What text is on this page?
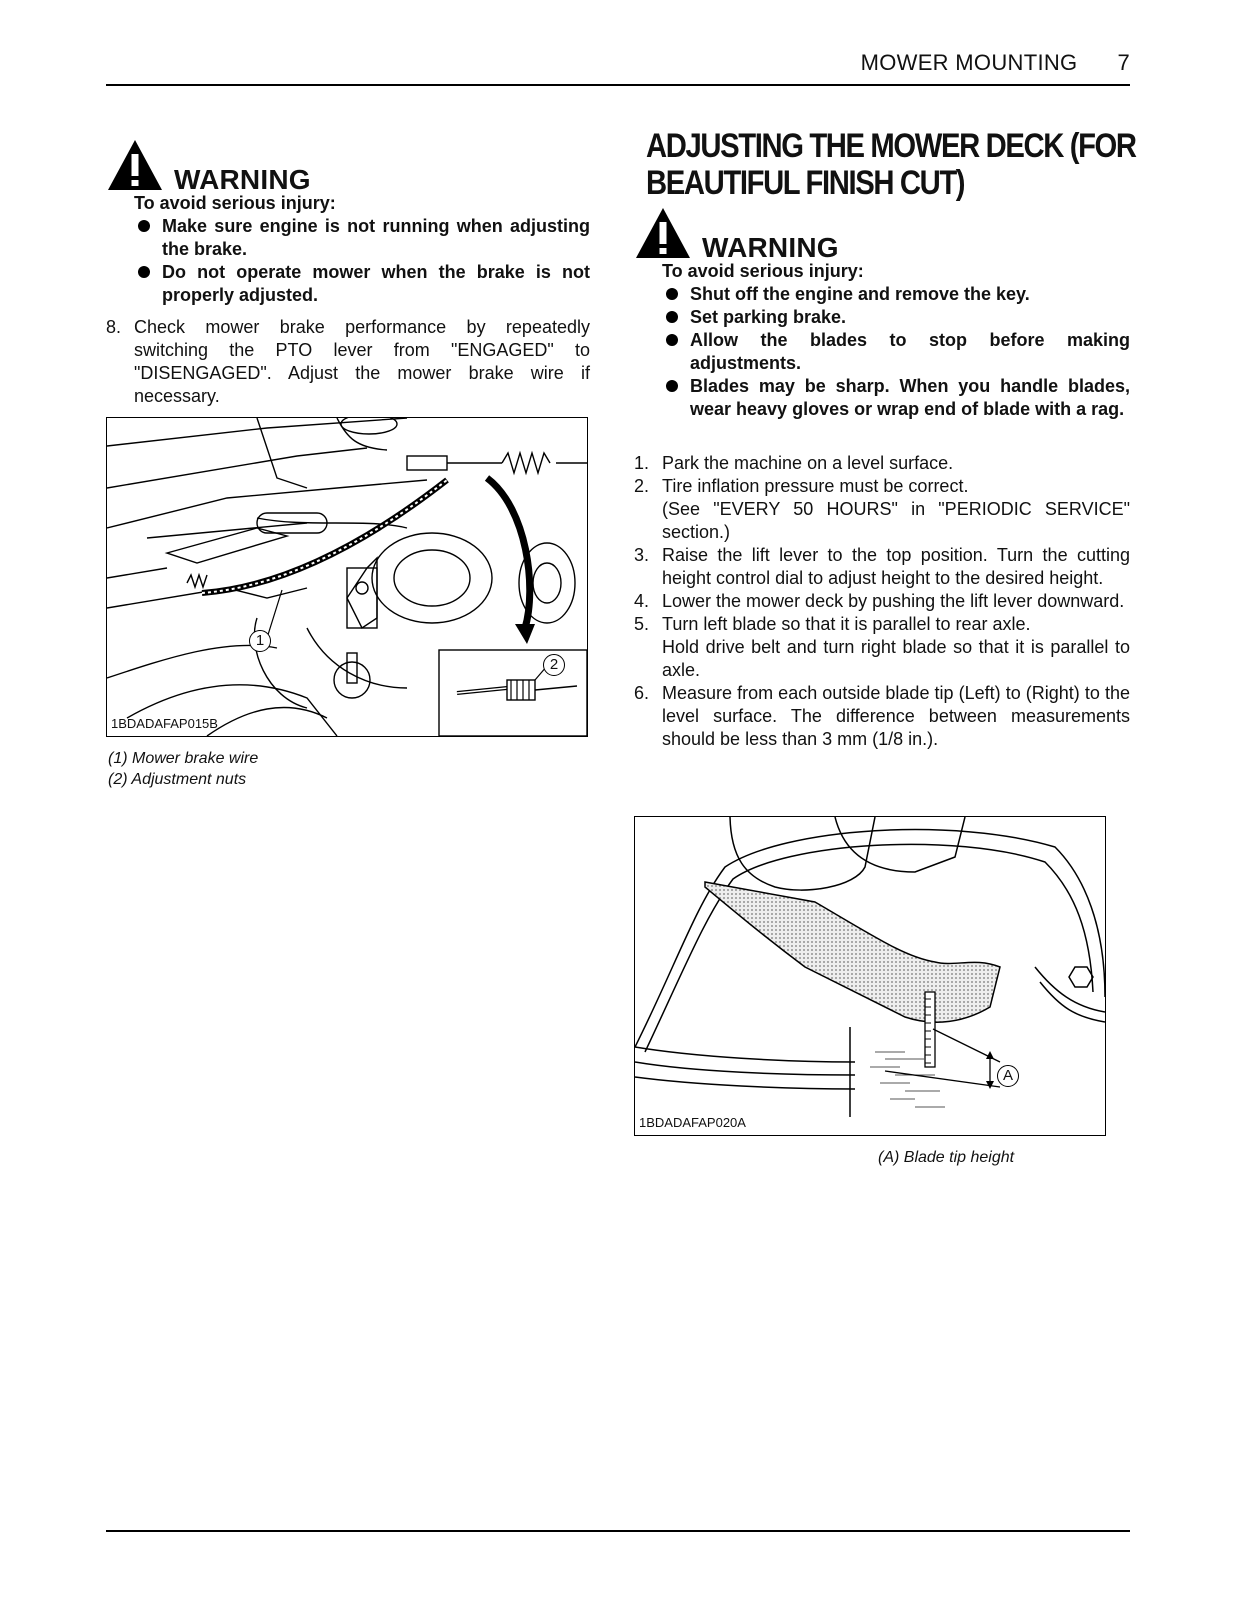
MOWER MOUNTING 7
WARNING

To avoid serious injury:

Make sure engine is not running when adjusting the brake.
Do not operate mower when the brake is not properly adjusted.
8. Check mower brake performance by repeatedly switching the PTO lever from "ENGAGED" to "DISENGAGED". Adjust the mower brake wire if necessary.
1
2
1BDADAFAP015B
(1) Mower brake wire
(2) Adjustment nuts
ADJUSTING THE MOWER DECK (FOR BEAUTIFUL FINISH CUT)
WARNING

To avoid serious injury:

Shut off the engine and remove the key.
Set parking brake.
Allow the blades to stop before making adjustments.
Blades may be sharp. When you handle blades, wear heavy gloves or wrap end of blade with a rag.
1. Park the machine on a level surface.
2. Tire inflation pressure must be correct.
(See "EVERY 50 HOURS" in "PERIODIC SERVICE" section.)
3. Raise the lift lever to the top position. Turn the cutting height control dial to adjust height to the desired height.
4. Lower the mower deck by pushing the lift lever downward.
5. Turn left blade so that it is parallel to rear axle.
Hold drive belt and turn right blade so that it is parallel to axle.
6. Measure from each outside blade tip (Left) to (Right) to the level surface. The difference between measurements should be less than 3 mm (1/8 in.).
A
1BDADAFAP020A
(A) Blade tip height
